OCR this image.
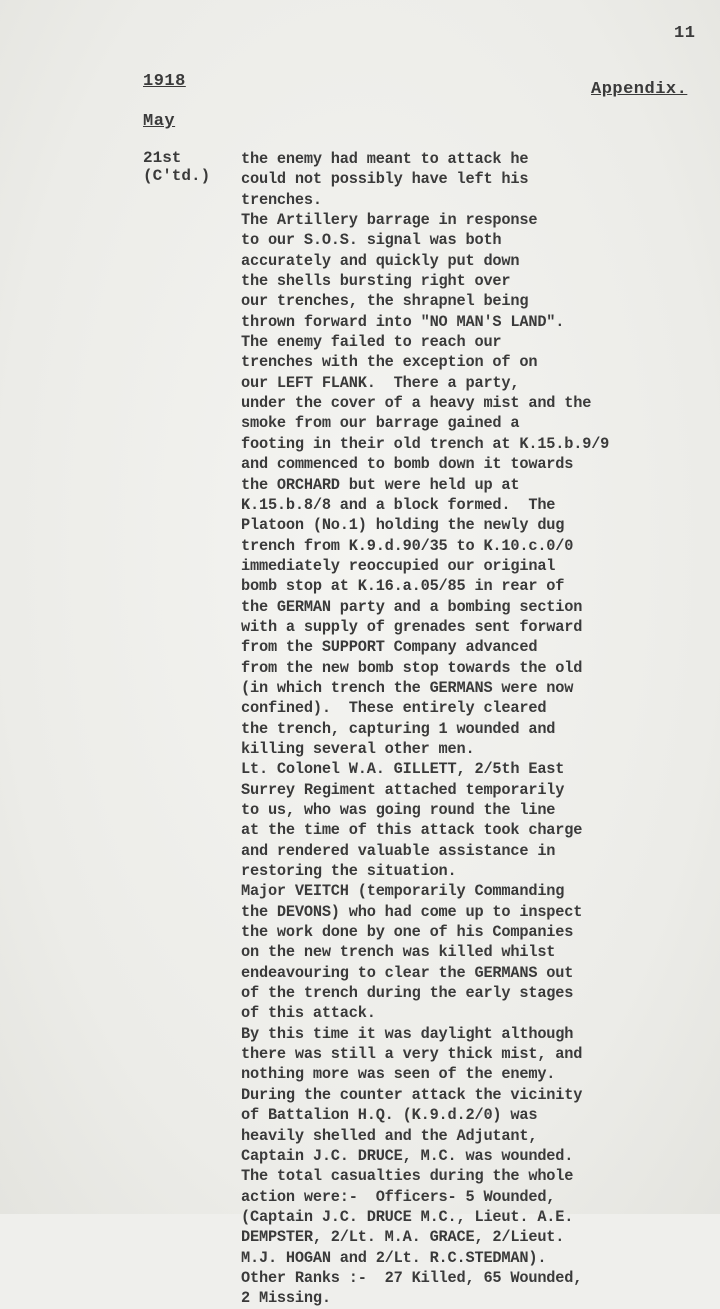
11
1918	Appendix.
May
21st
(C'td.)
the enemy had meant to attack he
could not possibly have left his
trenches.
The Artillery barrage in response
to our S.O.S. signal was both
accurately and quickly put down
the shells bursting right over
our trenches, the shrapnel being
thrown forward into "NO MAN'S LAND".
The enemy failed to reach our
trenches with the exception of on
our LEFT FLANK.  There a party,
under the cover of a heavy mist and the
smoke from our barrage gained a
footing in their old trench at K.15.b.9/9
and commenced to bomb down it towards
the ORCHARD but were held up at
K.15.b.8/8 and a block formed.  The
Platoon (No.1) holding the newly dug
trench from K.9.d.90/35 to K.10.c.0/0
immediately reoccupied our original
bomb stop at K.16.a.05/85 in rear of
the GERMAN party and a bombing section
with a supply of grenades sent forward
from the SUPPORT Company advanced
from the new bomb stop towards the old
(in which trench the GERMANS were now
confined).  These entirely cleared
the trench, capturing 1 wounded and
killing several other men.
Lt. Colonel W.A. GILLETT, 2/5th East
Surrey Regiment attached temporarily
to us, who was going round the line
at the time of this attack took charge
and rendered valuable assistance in
restoring the situation.
Major VEITCH (temporarily Commanding
the DEVONS) who had come up to inspect
the work done by one of his Companies
on the new trench was killed whilst
endeavouring to clear the GERMANS out
of the trench during the early stages
of this attack.
By this time it was daylight although
there was still a very thick mist, and
nothing more was seen of the enemy.
During the counter attack the vicinity
of Battalion H.Q. (K.9.d.2/0) was
heavily shelled and the Adjutant,
Captain J.C. DRUCE, M.C. was wounded.
The total casualties during the whole
action were:-  Officers- 5 Wounded,
(Captain J.C. DRUCE M.C., Lieut. A.E.
DEMPSTER, 2/Lt. M.A. GRACE, 2/Lieut.
M.J. HOGAN and 2/Lt. R.C.STEDMAN).
Other Ranks :-  27 Killed, 65 Wounded,
2 Missing.
